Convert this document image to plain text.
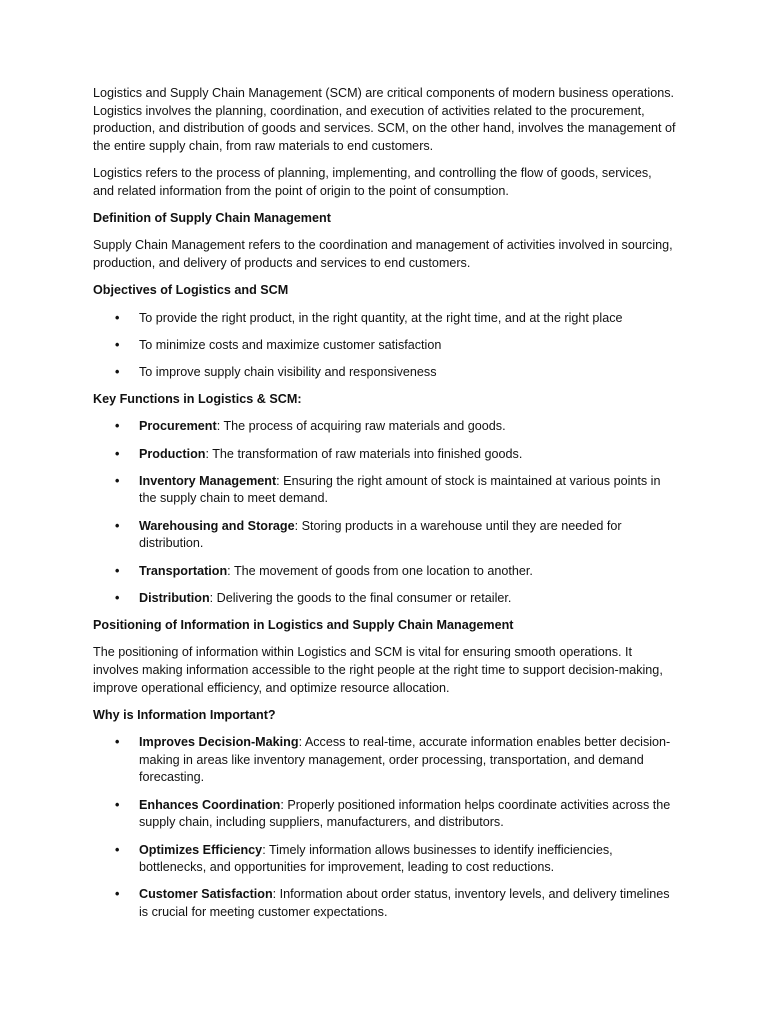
Logistics and Supply Chain Management (SCM) are critical components of modern business operations. Logistics involves the planning, coordination, and execution of activities related to the procurement, production, and distribution of goods and services. SCM, on the other hand, involves the management of the entire supply chain, from raw materials to end customers.

Logistics refers to the process of planning, implementing, and controlling the flow of goods, services, and related information from the point of origin to the point of consumption.

Definition of Supply Chain Management

Supply Chain Management refers to the coordination and management of activities involved in sourcing, production, and delivery of products and services to end customers.

Objectives of Logistics and SCM
• To provide the right product, in the right quantity, at the right time, and at the right place
• To minimize costs and maximize customer satisfaction
• To improve supply chain visibility and responsiveness
Key Functions in Logistics & SCM:
• Procurement: The process of acquiring raw materials and goods.
• Production: The transformation of raw materials into finished goods.
• Inventory Management: Ensuring the right amount of stock is maintained at various points in the supply chain to meet demand.
• Warehousing and Storage: Storing products in a warehouse until they are needed for distribution.
• Transportation: The movement of goods from one location to another.
• Distribution: Delivering the goods to the final consumer or retailer.
Positioning of Information in Logistics and Supply Chain Management

The positioning of information within Logistics and SCM is vital for ensuring smooth operations. It involves making information accessible to the right people at the right time to support decision-making, improve operational efficiency, and optimize resource allocation.

Why is Information Important?
• Improves Decision-Making: Access to real-time, accurate information enables better decision-making in areas like inventory management, order processing, transportation, and demand forecasting.
• Enhances Coordination: Properly positioned information helps coordinate activities across the supply chain, including suppliers, manufacturers, and distributors.
• Optimizes Efficiency: Timely information allows businesses to identify inefficiencies, bottlenecks, and opportunities for improvement, leading to cost reductions.
• Customer Satisfaction: Information about order status, inventory levels, and delivery timelines is crucial for meeting customer expectations.
